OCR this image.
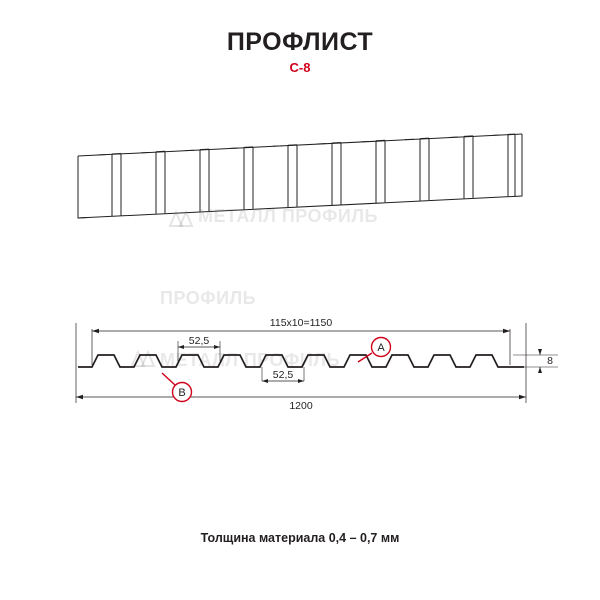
ПРОФЛИСТ
С-8
МЕТАЛЛ ПРОФИЛЬ
ПРОФИЛЬ
МЕТАЛЛ ПРОФИЛЬ
115х10=1150
52,5
52,5
1200
8
A
B
Толщина материала 0,4 – 0,7 мм
